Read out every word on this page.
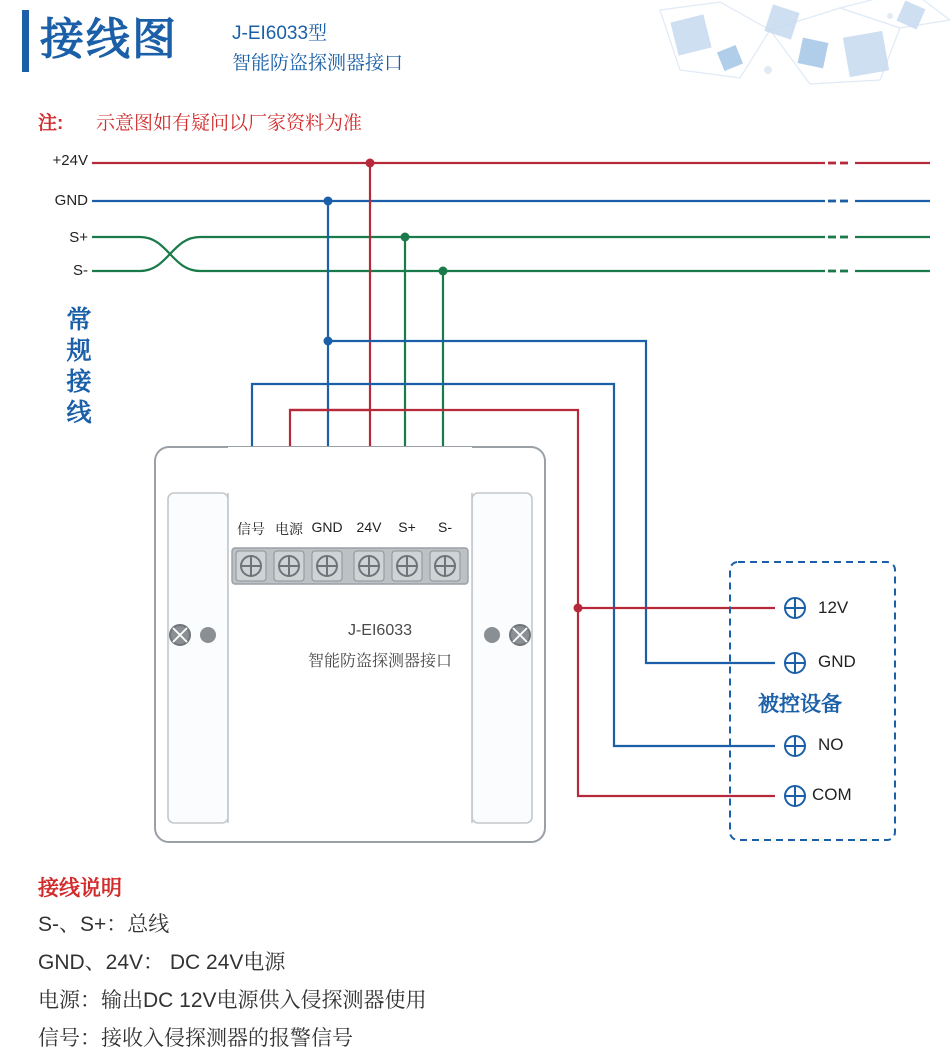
接线图	J-EI6033型
智能防盗探测器接口
注: 示意图如有疑问以厂家资料为准
+24V
GND
S+
S-
常规接线
信号 电源 GND 24V	S+	S-
J-EI6033
智能防盗探测器接口
12V
GND
NO
COM
被控设备
接线说明
S-、S+：总线
GND、24V： DC 24V电源
电源：输出DC 12V电源供入侵探测器使用
信号：接收入侵探测器的报警信号
